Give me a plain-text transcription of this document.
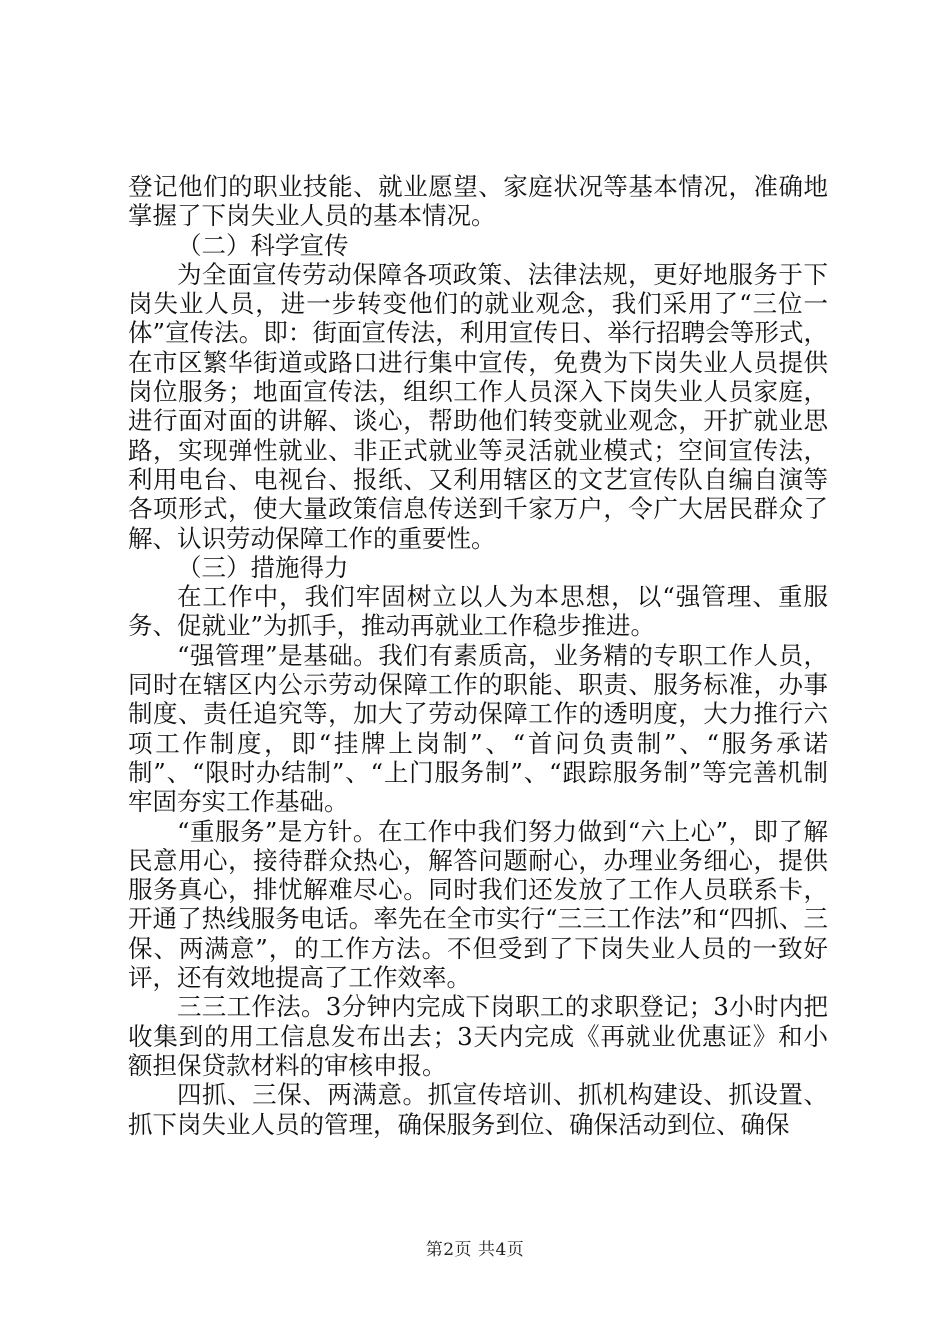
登记他们的职业技能、就业愿望、家庭状况等基本情况，准确地掌握了下岗失业人员的基本情况。

（二）科学宣传

为全面宣传劳动保障各项政策、法律法规，更好地服务于下岗失业人员，进一步转变他们的就业观念，我们采用了“三位一体”宣传法。即：街面宣传法，利用宣传日、举行招聘会等形式，在市区繁华街道或路口进行集中宣传，免费为下岗失业人员提供岗位服务；地面宣传法，组织工作人员深入下岗失业人员家庭，进行面对面的讲解、谈心，帮助他们转变就业观念，开扩就业思路，实现弹性就业、非正式就业等灵活就业模式；空间宣传法，利用电台、电视台、报纸、又利用辖区的文艺宣传队自编自演等各项形式，使大量政策信息传送到千家万户，令广大居民群众了解、认识劳动保障工作的重要性。

（三）措施得力

在工作中，我们牢固树立以人为本思想，以“强管理、重服务、促就业”为抓手，推动再就业工作稳步推进。

“强管理”是基础。我们有素质高，业务精的专职工作人员，同时在辖区内公示劳动保障工作的职能、职责、服务标准，办事制度、责任追究等，加大了劳动保障工作的透明度，大力推行六项工作制度，即“挂牌上岗制”、“首问负责制”、“服务承诺制”、“限时办结制”、“上门服务制”、“跟踪服务制”等完善机制牢固夯实工作基础。

“重服务”是方针。在工作中我们努力做到“六上心”，即了解民意用心，接待群众热心，解答问题耐心，办理业务细心，提供服务真心，排忧解难尽心。同时我们还发放了工作人员联系卡，开通了热线服务电话。率先在全市实行“三三工作法”和“四抓、三保、两满意”，的工作方法。不但受到了下岗失业人员的一致好评，还有效地提高了工作效率。

三三工作法。3分钟内完成下岗职工的求职登记；3小时内把收集到的用工信息发布出去；3天内完成《再就业优惠证》和小额担保贷款材料的审核申报。

四抓、三保、两满意。抓宣传培训、抓机构建设、抓设置、抓下岗失业人员的管理，确保服务到位、确保活动到位、确保

第2页 共4页
